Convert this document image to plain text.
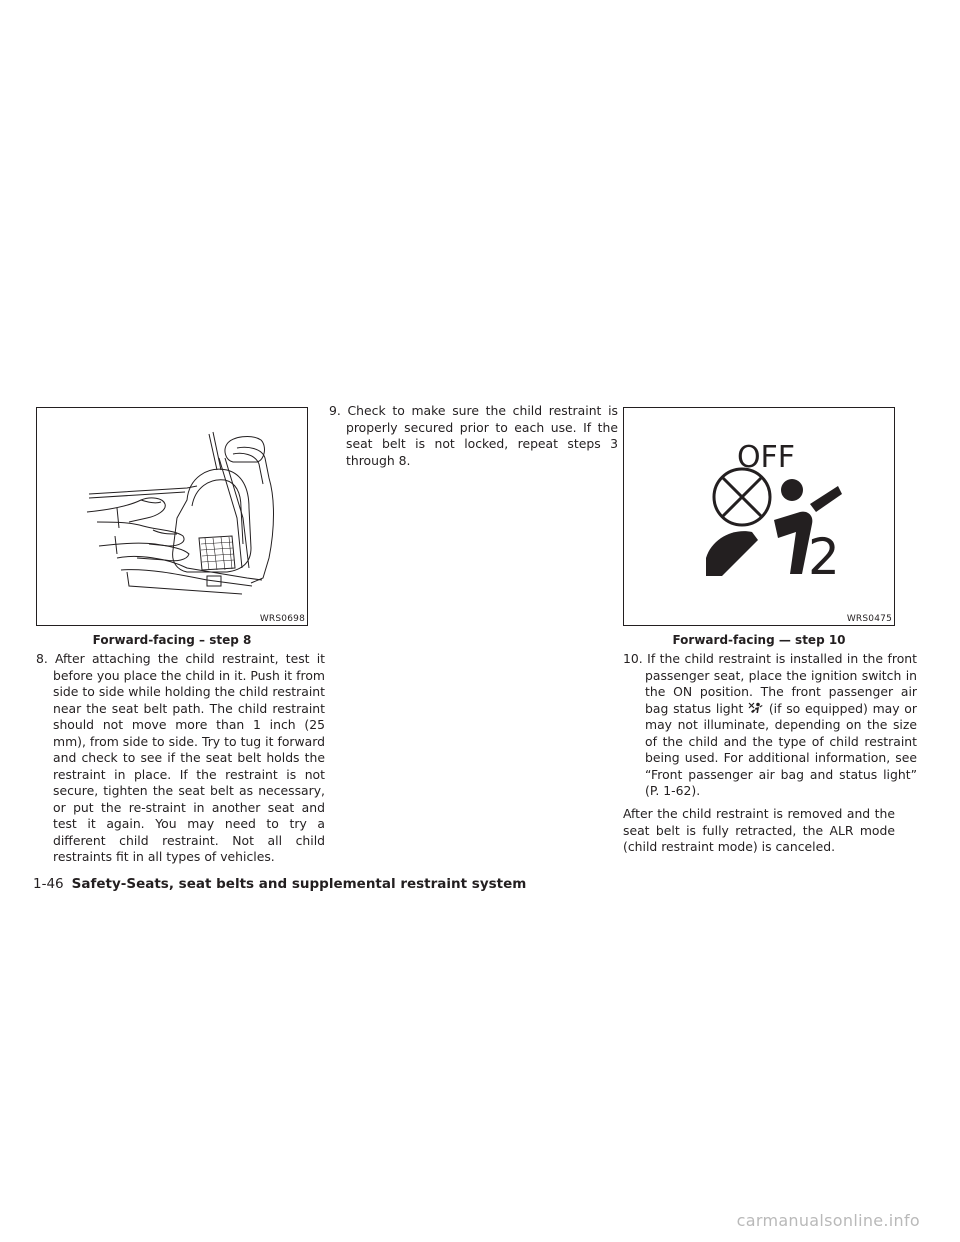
WRS0698
Forward-facing – step 8
OFF
2
WRS0475
Forward-facing — step 10

8. After attaching the child restraint, test it before you place the child in it. Push it from side to side while holding the child restraint near the seat belt path. The child restraint should not move more than 1 inch (25 mm), from side to side. Try to tug it forward and check to see if the seat belt holds the restraint in place. If the restraint is not secure, tighten the seat belt as necessary, or put the re-straint in another seat and test it again. You may need to try a different child restraint. Not all child restraints fit in all types of vehicles.

9. Check to make sure the child restraint is properly secured prior to each use. If the seat belt is not locked, repeat steps 3 through 8.

10. If the child restraint is installed in the front passenger seat, place the ignition switch in the ON position. The front passenger air bag status light (if so equipped) may or may not illuminate, depending on the size of the child and the type of child restraint being used. For additional information, see “Front passenger air bag and status light” (P. 1-62).

After the child restraint is removed and the seat belt is fully retracted, the ALR mode (child restraint mode) is canceled.

1-46 Safety-Seats, seat belts and supplemental restraint system
carmanualsonline.info
